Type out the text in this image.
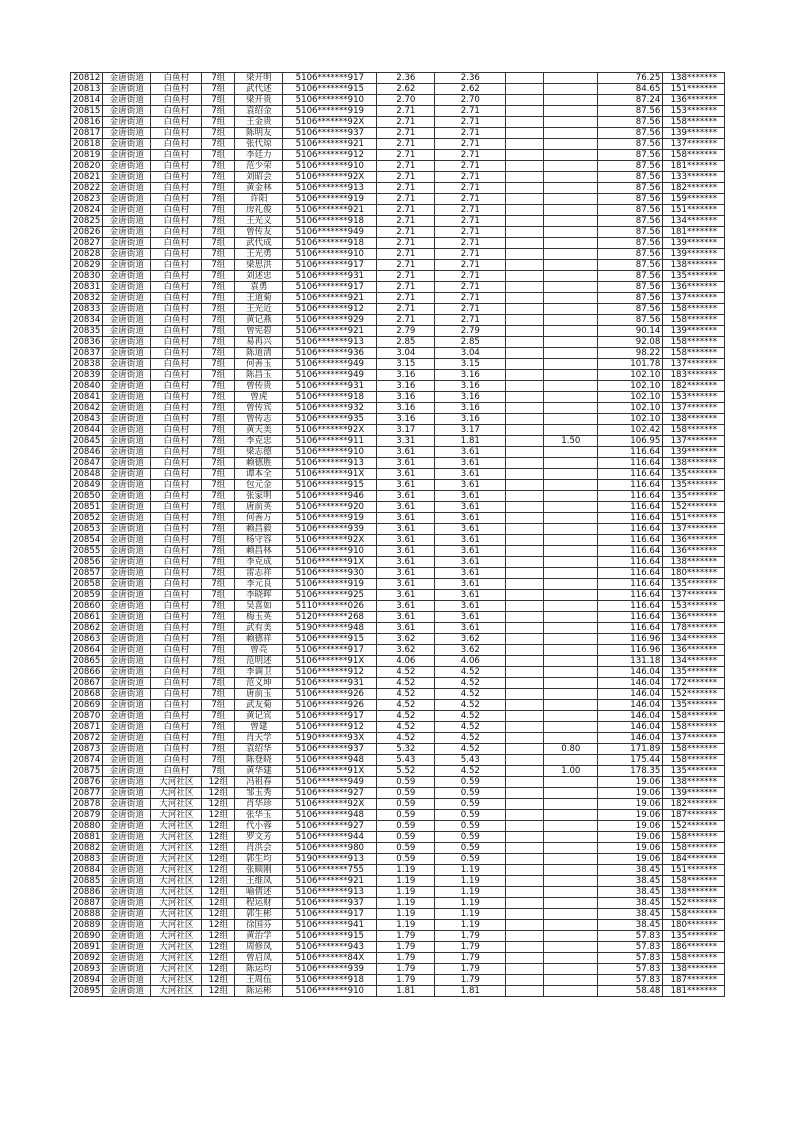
20812	金唐街道	白鱼村	7组	梁开明	5106*******917	2.36	2.36			76.25	138*******
20813	金唐街道	白鱼村	7组	武代述	5106*******915	2.62	2.62			84.65	151*******
20814	金唐街道	白鱼村	7组	梁开贵	5106*******910	2.70	2.70			87.24	136*******
20815	金唐街道	白鱼村	7组	袁绍金	5106*******919	2.71	2.71			87.56	153*******
20816	金唐街道	白鱼村	7组	王金贵	5106*******92X	2.71	2.71			87.56	158*******
20817	金唐街道	白鱼村	7组	陈明友	5106*******937	2.71	2.71			87.56	139*******
20818	金唐街道	白鱼村	7组	张代琼	5106*******921	2.71	2.71			87.56	137*******
20819	金唐街道	白鱼村	7组	李廷力	5106*******912	2.71	2.71			87.56	158*******
20820	金唐街道	白鱼村	7组	范少荣	5106*******910	2.71	2.71			87.56	181*******
20821	金唐街道	白鱼村	7组	刘昭会	5106*******92X	2.71	2.71			87.56	133*******
20822	金唐街道	白鱼村	7组	黄金林	5106*******913	2.71	2.71			87.56	182*******
20823	金唐街道	白鱼村	7组	许阳	5106*******919	2.71	2.71			87.56	159*******
20824	金唐街道	白鱼村	7组	房礼俊	5106*******921	2.71	2.71			87.56	151*******
20825	金唐街道	白鱼村	7组	王光义	5106*******918	2.71	2.71			87.56	134*******
20826	金唐街道	白鱼村	7组	曾传友	5106*******949	2.71	2.71			87.56	181*******
20827	金唐街道	白鱼村	7组	武代成	5106*******918	2.71	2.71			87.56	139*******
20828	金唐街道	白鱼村	7组	王光勇	5106*******910	2.71	2.71			87.56	139*******
20829	金唐街道	白鱼村	7组	梁思洪	5106*******917	2.71	2.71			87.56	138*******
20830	金唐街道	白鱼村	7组	刘述忠	5106*******931	2.71	2.71			87.56	135*******
20831	金唐街道	白鱼村	7组	袁勇	5106*******917	2.71	2.71			87.56	136*******
20832	金唐街道	白鱼村	7组	王道菊	5106*******921	2.71	2.71			87.56	137*******
20833	金唐街道	白鱼村	7组	王光近	5106*******912	2.71	2.71			87.56	158*******
20834	金唐街道	白鱼村	7组	黄记燕	5106*******929	2.71	2.71			87.56	158*******
20835	金唐街道	白鱼村	7组	曾宪碧	5106*******921	2.79	2.79			90.14	139*******
20836	金唐街道	白鱼村	7组	易再兴	5106*******913	2.85	2.85			92.08	158*******
20837	金唐街道	白鱼村	7组	陈道清	5106*******936	3.04	3.04			98.22	158*******
20838	金唐街道	白鱼村	7组	何善玉	5106*******949	3.15	3.15			101.78	137*******
20839	金唐街道	白鱼村	7组	陈昌玉	5106*******949	3.16	3.16			102.10	183*******
20840	金唐街道	白鱼村	7组	曾传贵	5106*******931	3.16	3.16			102.10	182*******
20841	金唐街道	白鱼村	7组	曾虎	5106*******918	3.16	3.16			102.10	153*******
20842	金唐街道	白鱼村	7组	曾传宾	5106*******932	3.16	3.16			102.10	137*******
20843	金唐街道	白鱼村	7组	曾传志	5106*******935	3.16	3.16			102.10	138*******
20844	金唐街道	白鱼村	7组	黄天美	5106*******92X	3.17	3.17			102.42	158*******
20845	金唐街道	白鱼村	7组	李克忠	5106*******911	3.31	1.81		1.50	106.95	137*******
20846	金唐街道	白鱼村	7组	梁志德	5106*******910	3.61	3.61			116.64	139*******
20847	金唐街道	白鱼村	7组	赖德胜	5106*******913	3.61	3.61			116.64	138*******
20848	金唐街道	白鱼村	7组	谭本全	5106*******91X	3.61	3.61			116.64	135*******
20849	金唐街道	白鱼村	7组	包元金	5106*******915	3.61	3.61			116.64	135*******
20850	金唐街道	白鱼村	7组	张家明	5106*******946	3.61	3.61			116.64	135*******
20851	金唐街道	白鱼村	7组	唐前英	5106*******920	3.61	3.61			116.64	152*******
20852	金唐街道	白鱼村	7组	何善万	5106*******919	3.61	3.61			116.64	151*******
20853	金唐街道	白鱼村	7组	赖昌毅	5106*******939	3.61	3.61			116.64	137*******
20854	金唐街道	白鱼村	7组	杨守容	5106*******92X	3.61	3.61			116.64	136*******
20855	金唐街道	白鱼村	7组	赖昌林	5106*******910	3.61	3.61			116.64	136*******
20856	金唐街道	白鱼村	7组	李克成	5106*******91X	3.61	3.61			116.64	138*******
20857	金唐街道	白鱼村	7组	雷志祥	5106*******930	3.61	3.61			116.64	180*******
20858	金唐街道	白鱼村	7组	李元良	5106*******919	3.61	3.61			116.64	135*******
20859	金唐街道	白鱼村	7组	李晓晖	5106*******925	3.61	3.61			116.64	137*******
20860	金唐街道	白鱼村	7组	吴喜如	5110*******026	3.61	3.61			116.64	153*******
20861	金唐街道	白鱼村	7组	梅玉英	5120*******268	3.61	3.61			116.64	136*******
20862	金唐街道	白鱼村	7组	武有美	5190*******948	3.61	3.61			116.64	178*******
20863	金唐街道	白鱼村	7组	赖德祥	5106*******915	3.62	3.62			116.96	134*******
20864	金唐街道	白鱼村	7组	曾亮	5106*******917	3.62	3.62			116.96	136*******
20865	金唐街道	白鱼村	7组	范明述	5106*******91X	4.06	4.06			131.18	134*******
20866	金唐街道	白鱼村	7组	李调卫	5106*******912	4.52	4.52			146.04	135*******
20867	金唐街道	白鱼村	7组	范义坤	5106*******931	4.52	4.52			146.04	172*******
20868	金唐街道	白鱼村	7组	唐前玉	5106*******926	4.52	4.52			146.04	152*******
20869	金唐街道	白鱼村	7组	武友菊	5106*******926	4.52	4.52			146.04	135*******
20870	金唐街道	白鱼村	7组	黄记宾	5106*******917	4.52	4.52			146.04	158*******
20871	金唐街道	白鱼村	7组	曾建	5106*******912	4.52	4.52			146.04	158*******
20872	金唐街道	白鱼村	7组	肖天学	5190*******93X	4.52	4.52			146.04	137*******
20873	金唐街道	白鱼村	7组	袁绍华	5106*******937	5.32	4.52		0.80	171.89	158*******
20874	金唐街道	白鱼村	7组	陈登晓	5106*******948	5.43	5.43			175.44	158*******
20875	金唐街道	白鱼村	7组	黄华建	5106*******91X	5.52	4.52		1.00	178.35	135*******
20876	金唐街道	大河社区	12组	冯祖春	5106*******949	0.59	0.59			19.06	138*******
20877	金唐街道	大河社区	12组	邹玉秀	5106*******927	0.59	0.59			19.06	139*******
20878	金唐街道	大河社区	12组	肖华珍	5106*******92X	0.59	0.59			19.06	182*******
20879	金唐街道	大河社区	12组	张华玉	5106*******948	0.59	0.59			19.06	187*******
20880	金唐街道	大河社区	12组	代小蓉	5106*******927	0.59	0.59			19.06	152*******
20881	金唐街道	大河社区	12组	罗文芳	5106*******944	0.59	0.59			19.06	158*******
20882	金唐街道	大河社区	12组	肖洪会	5106*******980	0.59	0.59			19.06	158*******
20883	金唐街道	大河社区	12组	郭生均	5190*******913	0.59	0.59			19.06	184*******
20884	金唐街道	大河社区	12组	张顺刚	5106*******755	1.19	1.19			38.45	151*******
20885	金唐街道	大河社区	12组	王维凤	5106*******921	1.19	1.19			38.45	158*******
20886	金唐街道	大河社区	12组	喻倩述	5106*******913	1.19	1.19			38.45	138*******
20887	金唐街道	大河社区	12组	程运财	5106*******937	1.19	1.19			38.45	152*******
20888	金唐街道	大河社区	12组	郭生彬	5106*******917	1.19	1.19			38.45	158*******
20889	金唐街道	大河社区	12组	徐国芬	5106*******941	1.19	1.19			38.45	180*******
20890	金唐街道	大河社区	12组	黄治学	5106*******915	1.79	1.79			57.83	135*******
20891	金唐街道	大河社区	12组	周修凤	5106*******943	1.79	1.79			57.83	186*******
20892	金唐街道	大河社区	12组	曾启凤	5106*******84X	1.79	1.79			57.83	158*******
20893	金唐街道	大河社区	12组	陈运均	5106*******939	1.79	1.79			57.83	138*******
20894	金唐街道	大河社区	12组	王周伍	5106*******918	1.79	1.79			57.83	187*******
20895	金唐街道	大河社区	12组	陈运彬	5106*******910	1.81	1.81			58.48	181*******
